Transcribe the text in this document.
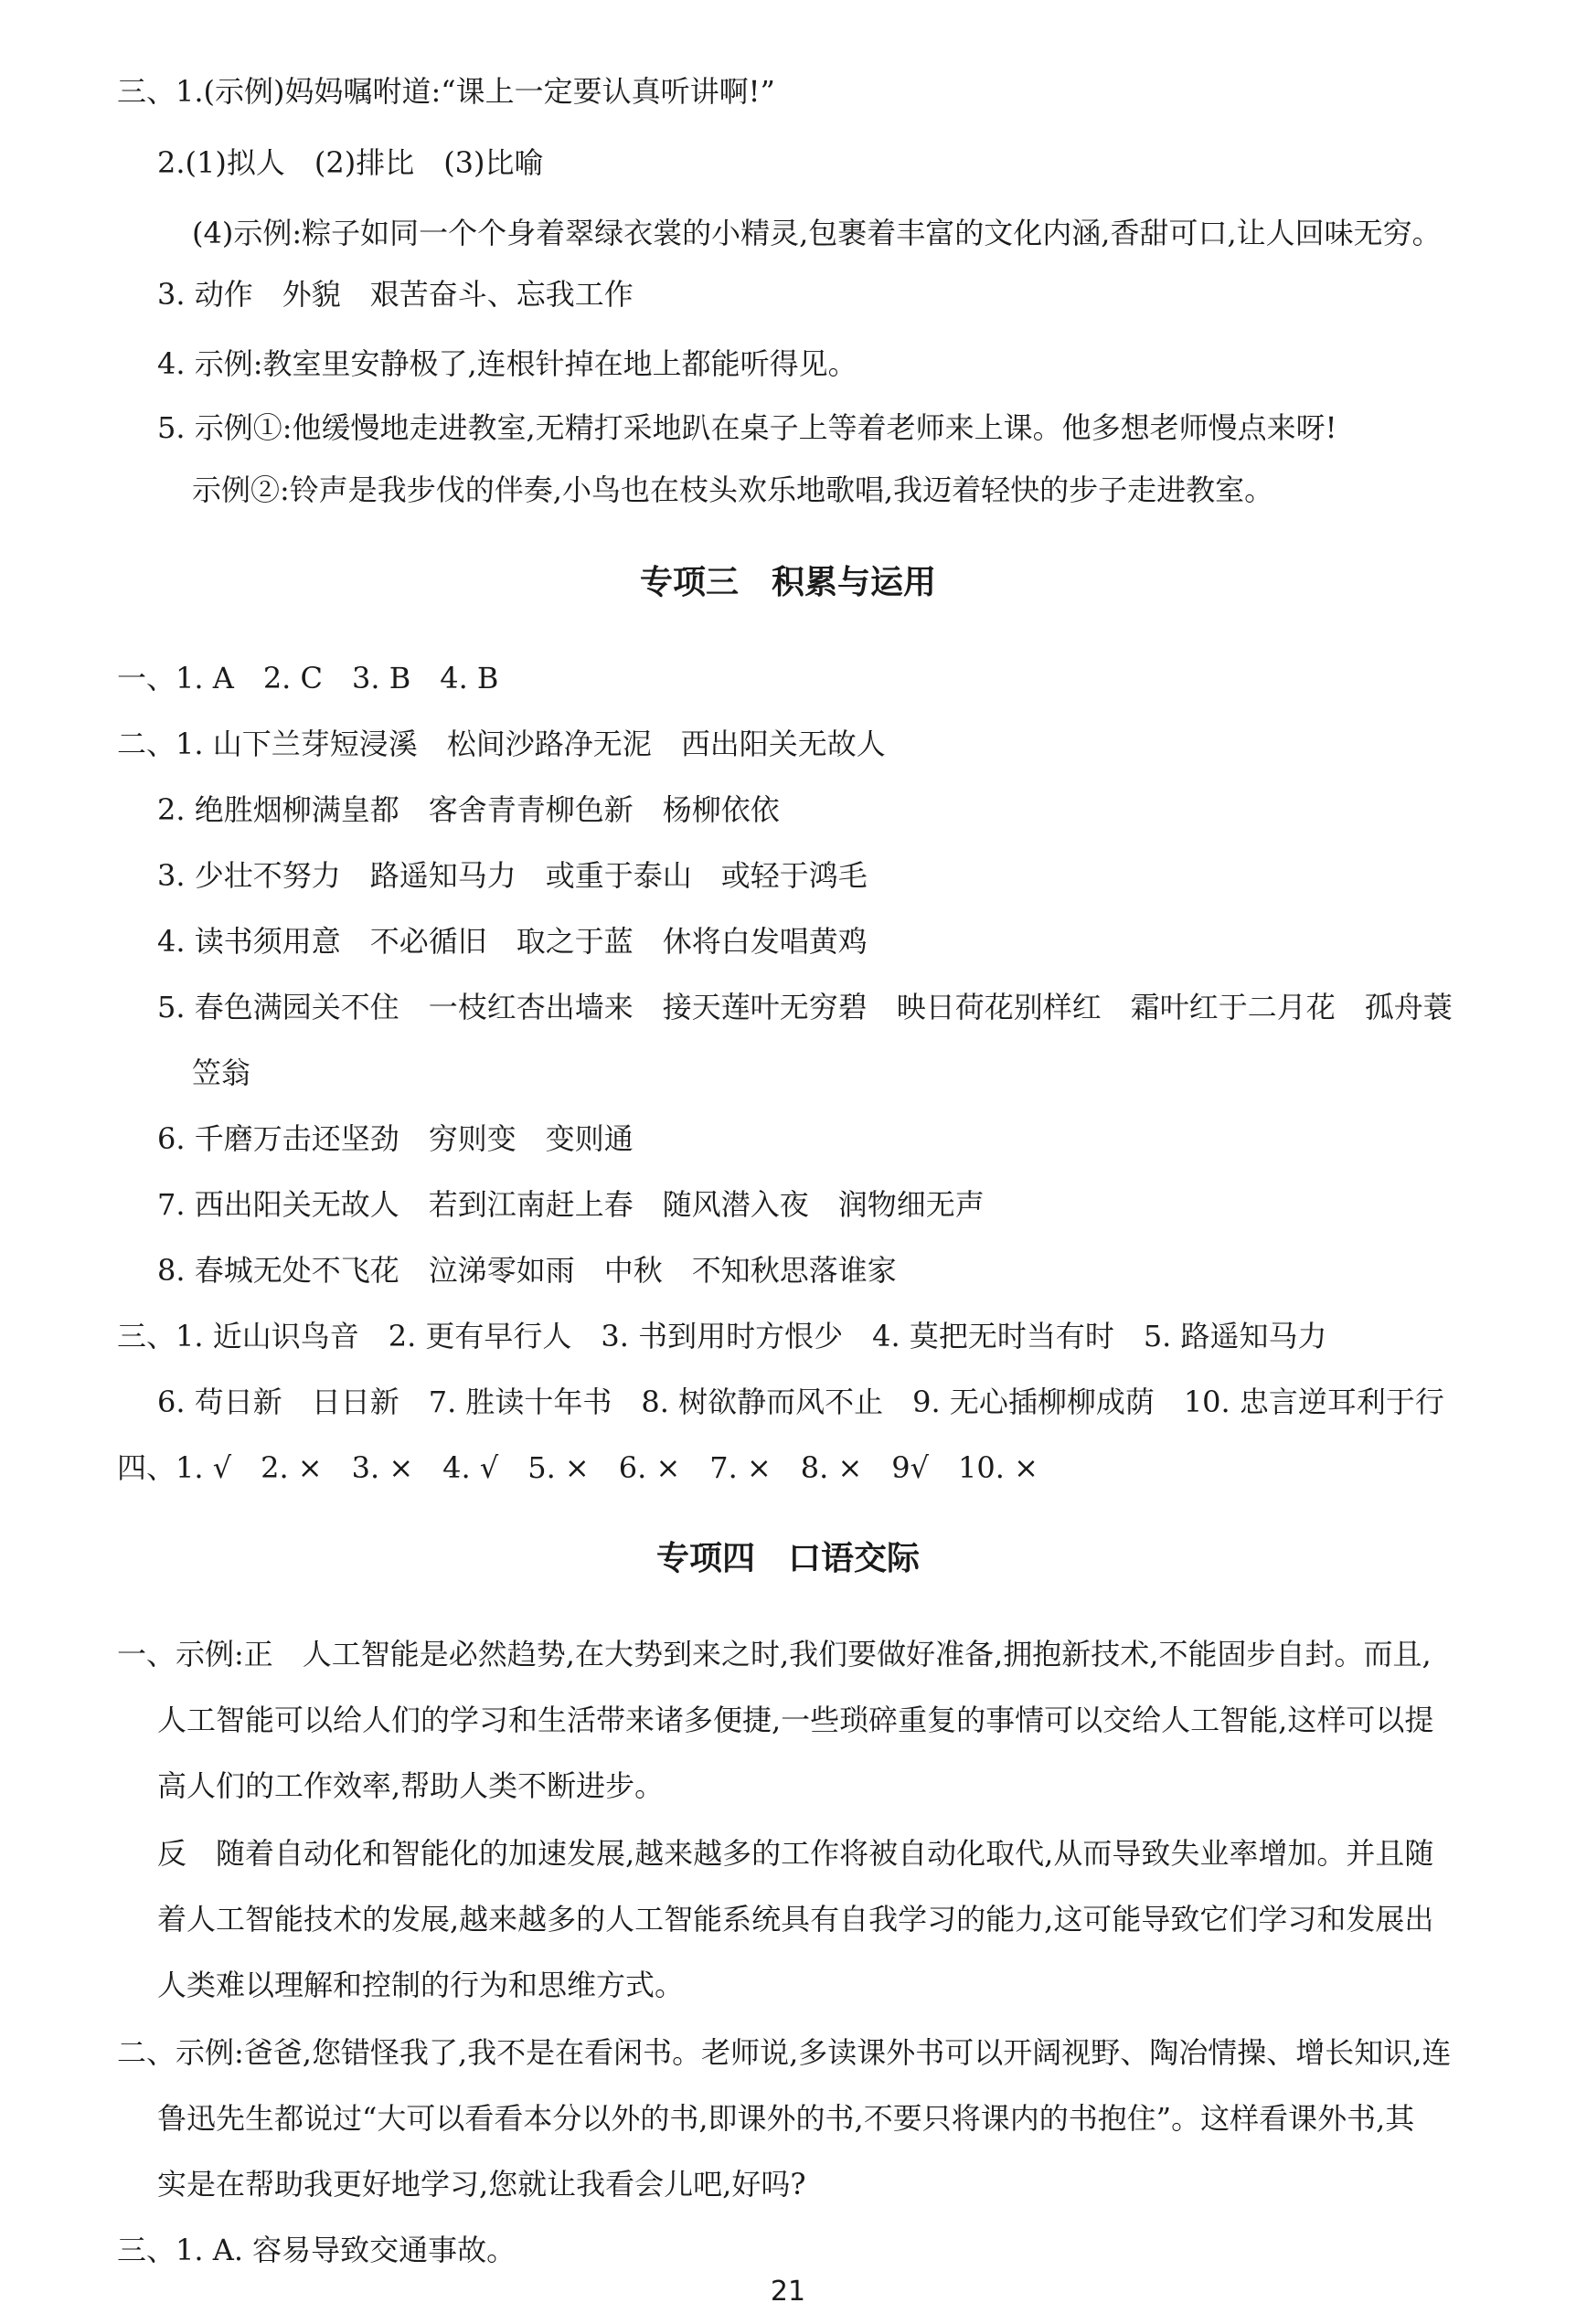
三、1.(示例)妈妈嘱咐道:“课上一定要认真听讲啊!”
2.(1)拟人　(2)排比　(3)比喻
(4)示例:粽子如同一个个身着翠绿衣裳的小精灵,包裹着丰富的文化内涵,香甜可口,让人回味无穷。
3. 动作　外貌　艰苦奋斗、忘我工作
4. 示例:教室里安静极了,连根针掉在地上都能听得见。
5. 示例①:他缓慢地走进教室,无精打采地趴在桌子上等着老师来上课。他多想老师慢点来呀!
示例②:铃声是我步伐的伴奏,小鸟也在枝头欢乐地歌唱,我迈着轻快的步子走进教室。
专项三　积累与运用
一、1. A　2. C　3. B　4. B
二、1. 山下兰芽短浸溪　松间沙路净无泥　西出阳关无故人
2. 绝胜烟柳满皇都　客舍青青柳色新　杨柳依依
3. 少壮不努力　路遥知马力　或重于泰山　或轻于鸿毛
4. 读书须用意　不必循旧　取之于蓝　休将白发唱黄鸡
5. 春色满园关不住　一枝红杏出墙来　接天莲叶无穷碧　映日荷花别样红　霜叶红于二月花　孤舟蓑
笠翁
6. 千磨万击还坚劲　穷则变　变则通
7. 西出阳关无故人　若到江南赶上春　随风潜入夜　润物细无声
8. 春城无处不飞花　泣涕零如雨　中秋　不知秋思落谁家
三、1. 近山识鸟音　2. 更有早行人　3. 书到用时方恨少　4. 莫把无时当有时　5. 路遥知马力
6. 苟日新　日日新　7. 胜读十年书　8. 树欲静而风不止　9. 无心插柳柳成荫　10. 忠言逆耳利于行
四、1. √　2. ×　3. ×　4. √　5. ×　6. ×　7. ×　8. ×　9√　10. ×
专项四　口语交际
一、示例:正　人工智能是必然趋势,在大势到来之时,我们要做好准备,拥抱新技术,不能固步自封。而且,
人工智能可以给人们的学习和生活带来诸多便捷,一些琐碎重复的事情可以交给人工智能,这样可以提
高人们的工作效率,帮助人类不断进步。
反　随着自动化和智能化的加速发展,越来越多的工作将被自动化取代,从而导致失业率增加。并且随
着人工智能技术的发展,越来越多的人工智能系统具有自我学习的能力,这可能导致它们学习和发展出
人类难以理解和控制的行为和思维方式。
二、示例:爸爸,您错怪我了,我不是在看闲书。老师说,多读课外书可以开阔视野、陶冶情操、增长知识,连
鲁迅先生都说过“大可以看看本分以外的书,即课外的书,不要只将课内的书抱住”。这样看课外书,其
实是在帮助我更好地学习,您就让我看会儿吧,好吗?
三、1. A. 容易导致交通事故。
21
